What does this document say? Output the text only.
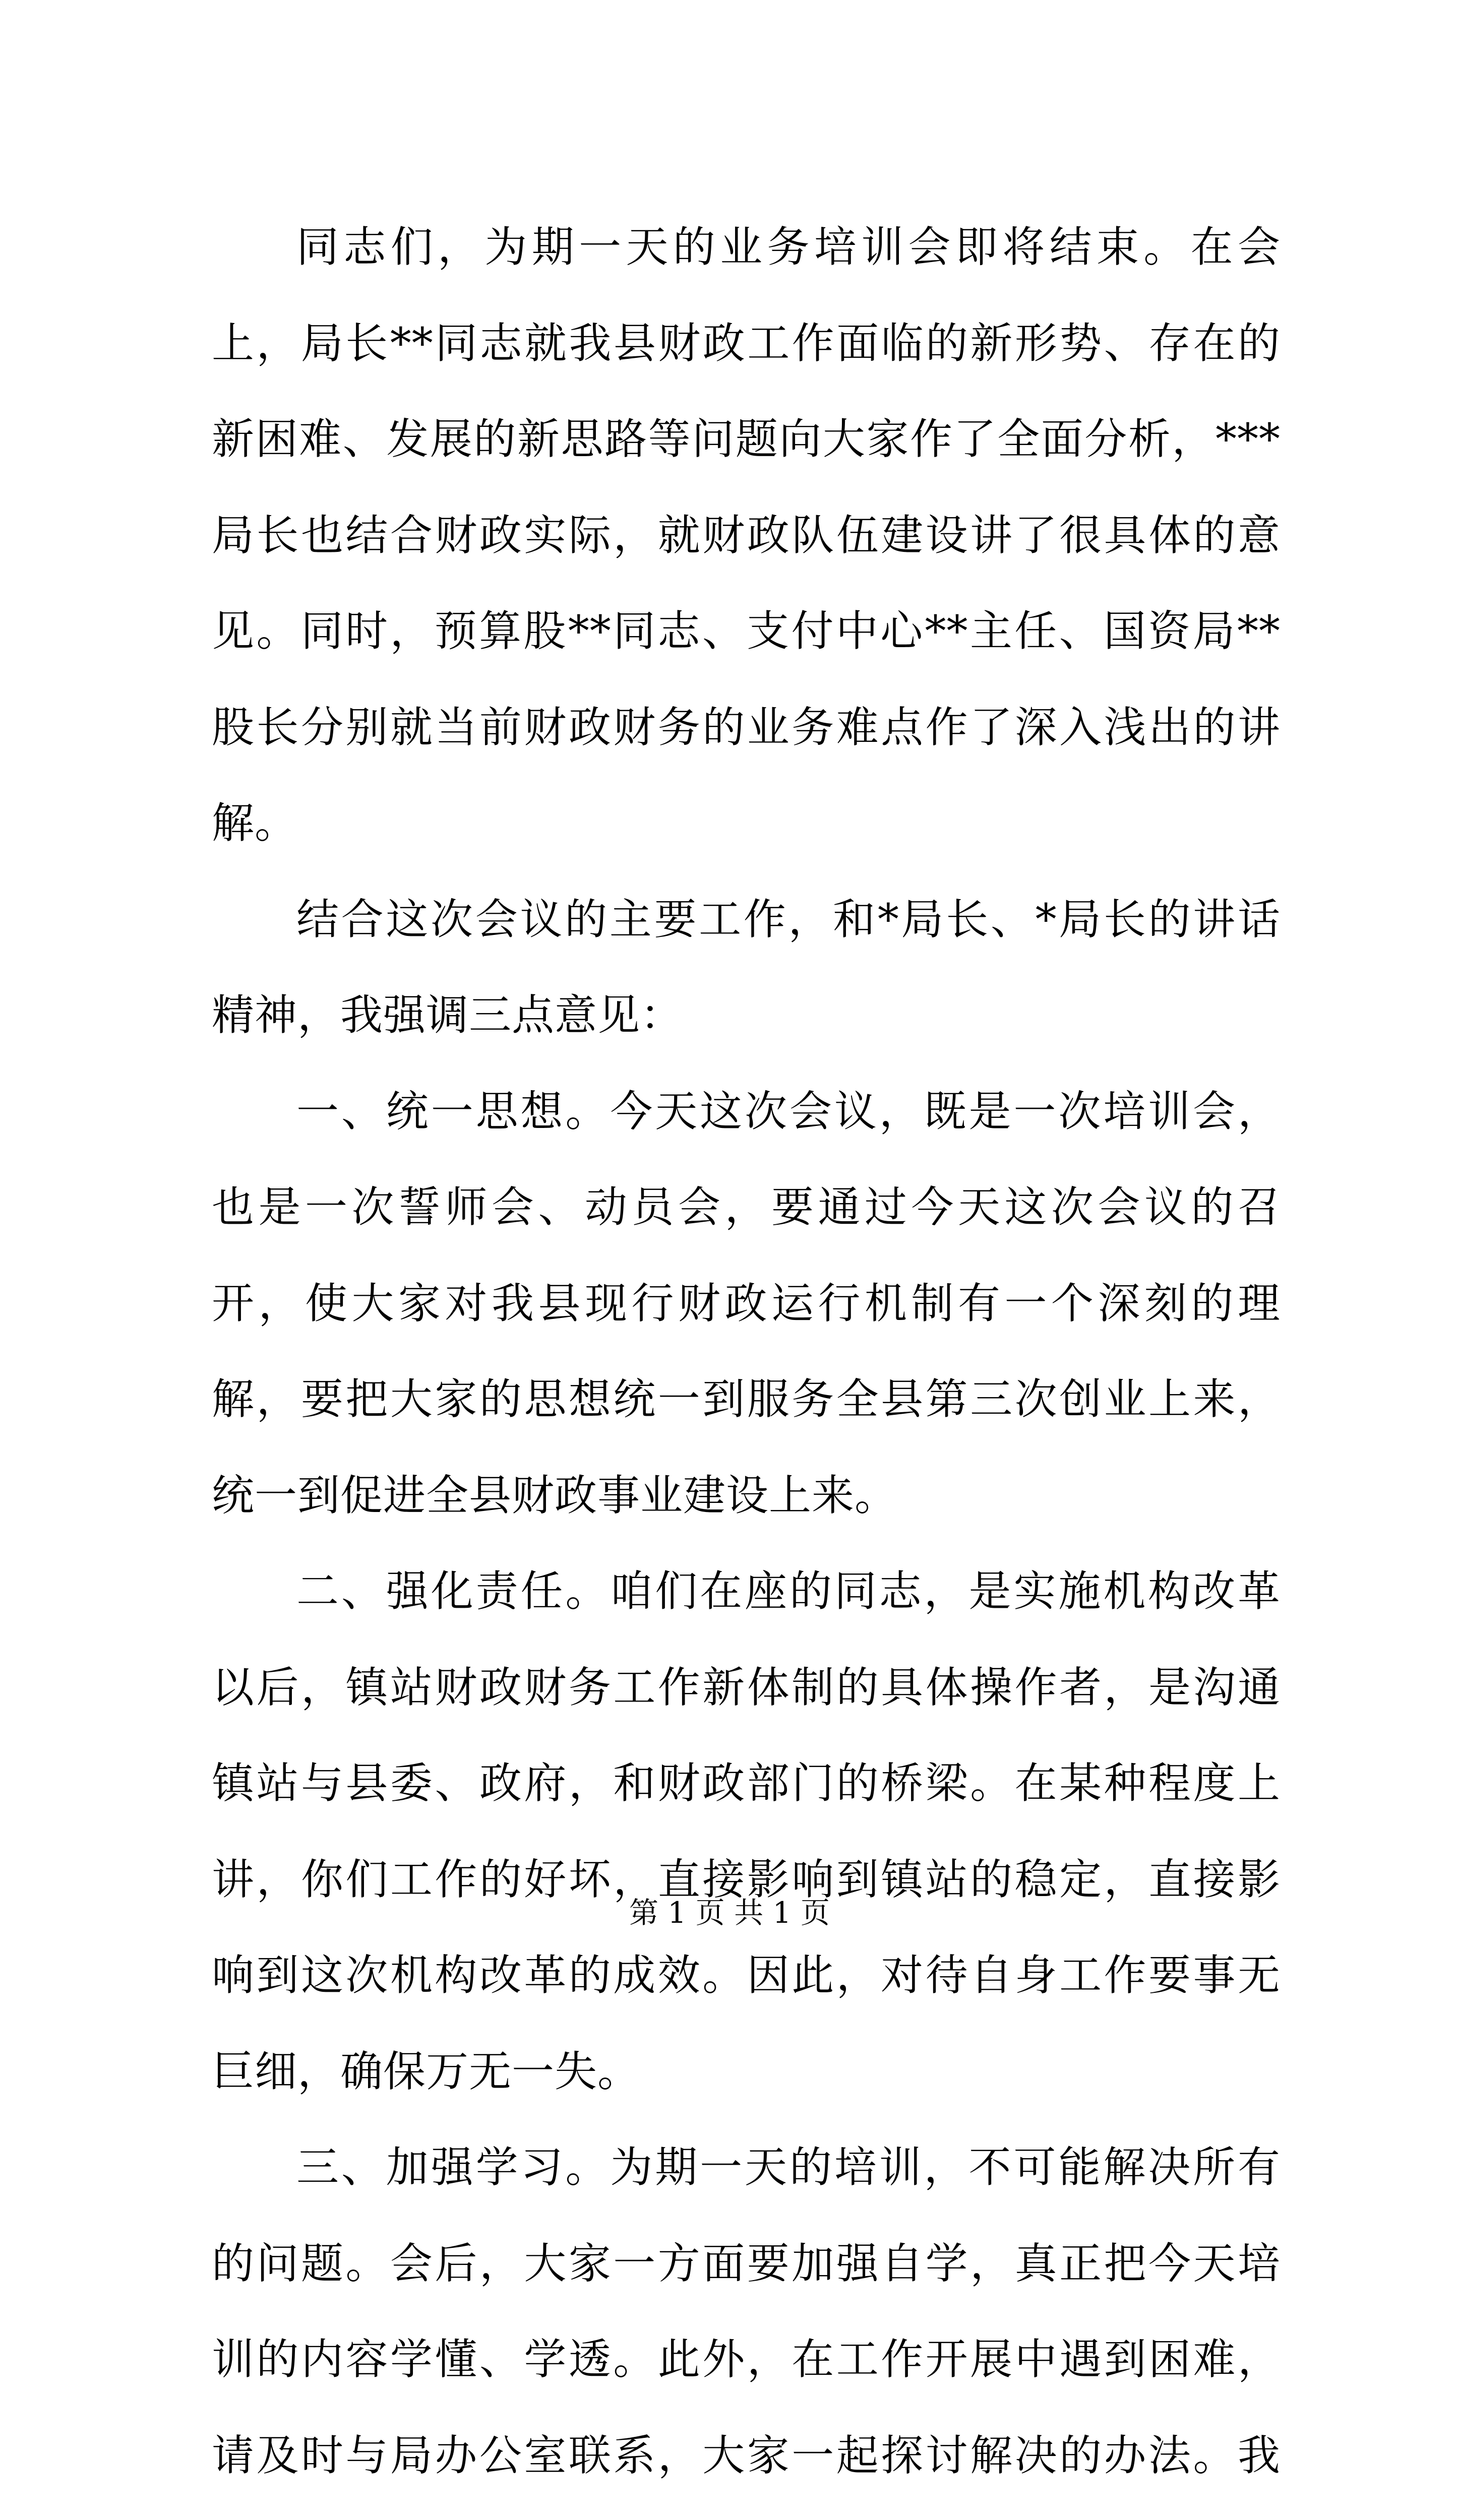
同志们，为期一天的业务培训会即将结束。在会上，局长**同志就我县财政工作面临的新形势、存在的新困难、发展的新思路等问题向大家作了全面分析，***局长也结合财政实际，就财政队伍建设讲了很具体的意见。同时，预算股**同志、支付中心**主任、国资局**股长分别就当前财政财务的业务难点作了深入浅出的讲解。

结合这次会议的主要工作，和*局长、*局长的讲话精神，我强调三点意见：

一、统一思想。今天这次会议，既是一次培训会，也是一次誓师会、动员会，要通过今天这次会议的召开，使大家对我县现行财政运行机制有一个深刻的理解，要把大家的思想统一到服务全县第三次创业上来，统一到促进全县财政事业建设上来。

二、强化责任。咱们在座的同志，是实施机构改革以后，镇站财政财务工作新体制的具体操作者，是沟通镇站与县委、政府，和财政部门的桥梁。在某种程度上讲，你们工作的好坏，直接影响到镇站的稳定，直接影响到这次机构改革的成效。因此，对待自身工作要事无巨细，确保万无一失。

三、加强学习。为期一天的培训，不可能解决所有的问题。会后，大家一方面要加强自学，真正把今天培训的内容学懂、学透。此外，在工作开展中遇到困难，请及时与局办公室联系，大家一起探讨解决的办法。我

第 1 页 共 1 页
